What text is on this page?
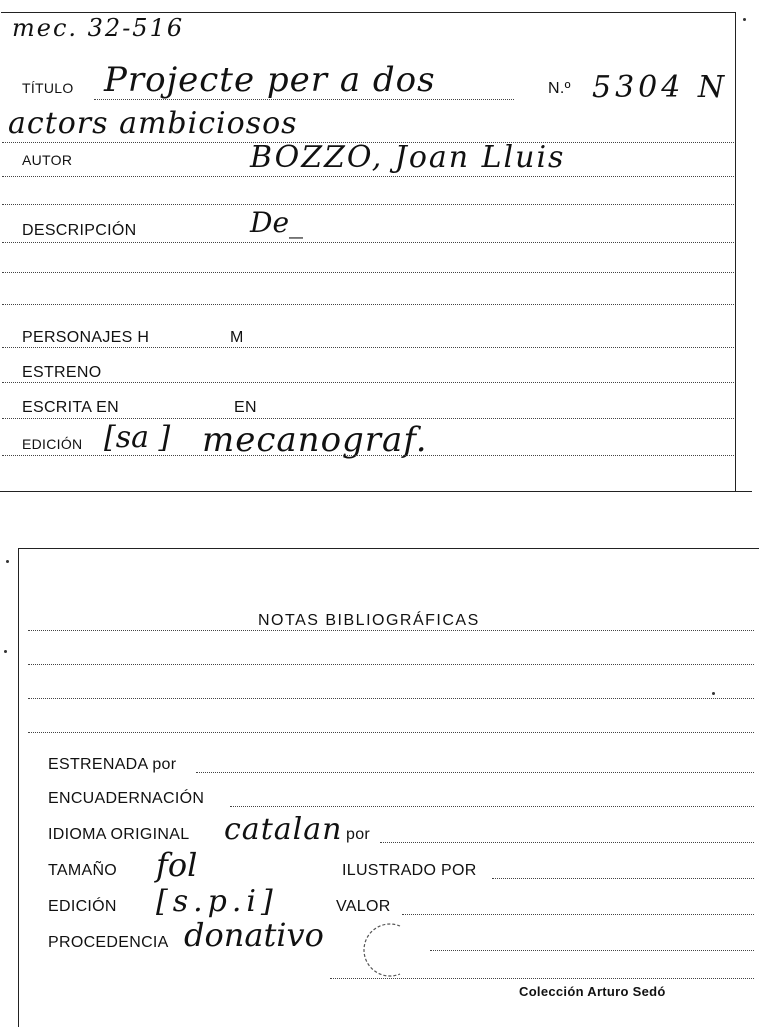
mec. 32-516
TÍTULO Projecte per a dos	N.º 5304 N
actors ambiciosos
AUTOR	BOZZO, Joan Lluis
DESCRIPCIÓN	De_
PERSONAJES H	M
ESTRENO
ESCRITA EN	EN
EDICIÓN [sa ] mecanograf.
NOTAS BIBLIOGRÁFICAS
ESTRENADA por
ENCUADERNACIÓN
IDIOMA ORIGINAL catalan por
TAMAÑO fol	ILUSTRADO POR
EDICIÓN [s.p.i]	VALOR
PROCEDENCIA donativo
Colección Arturo Sedó
